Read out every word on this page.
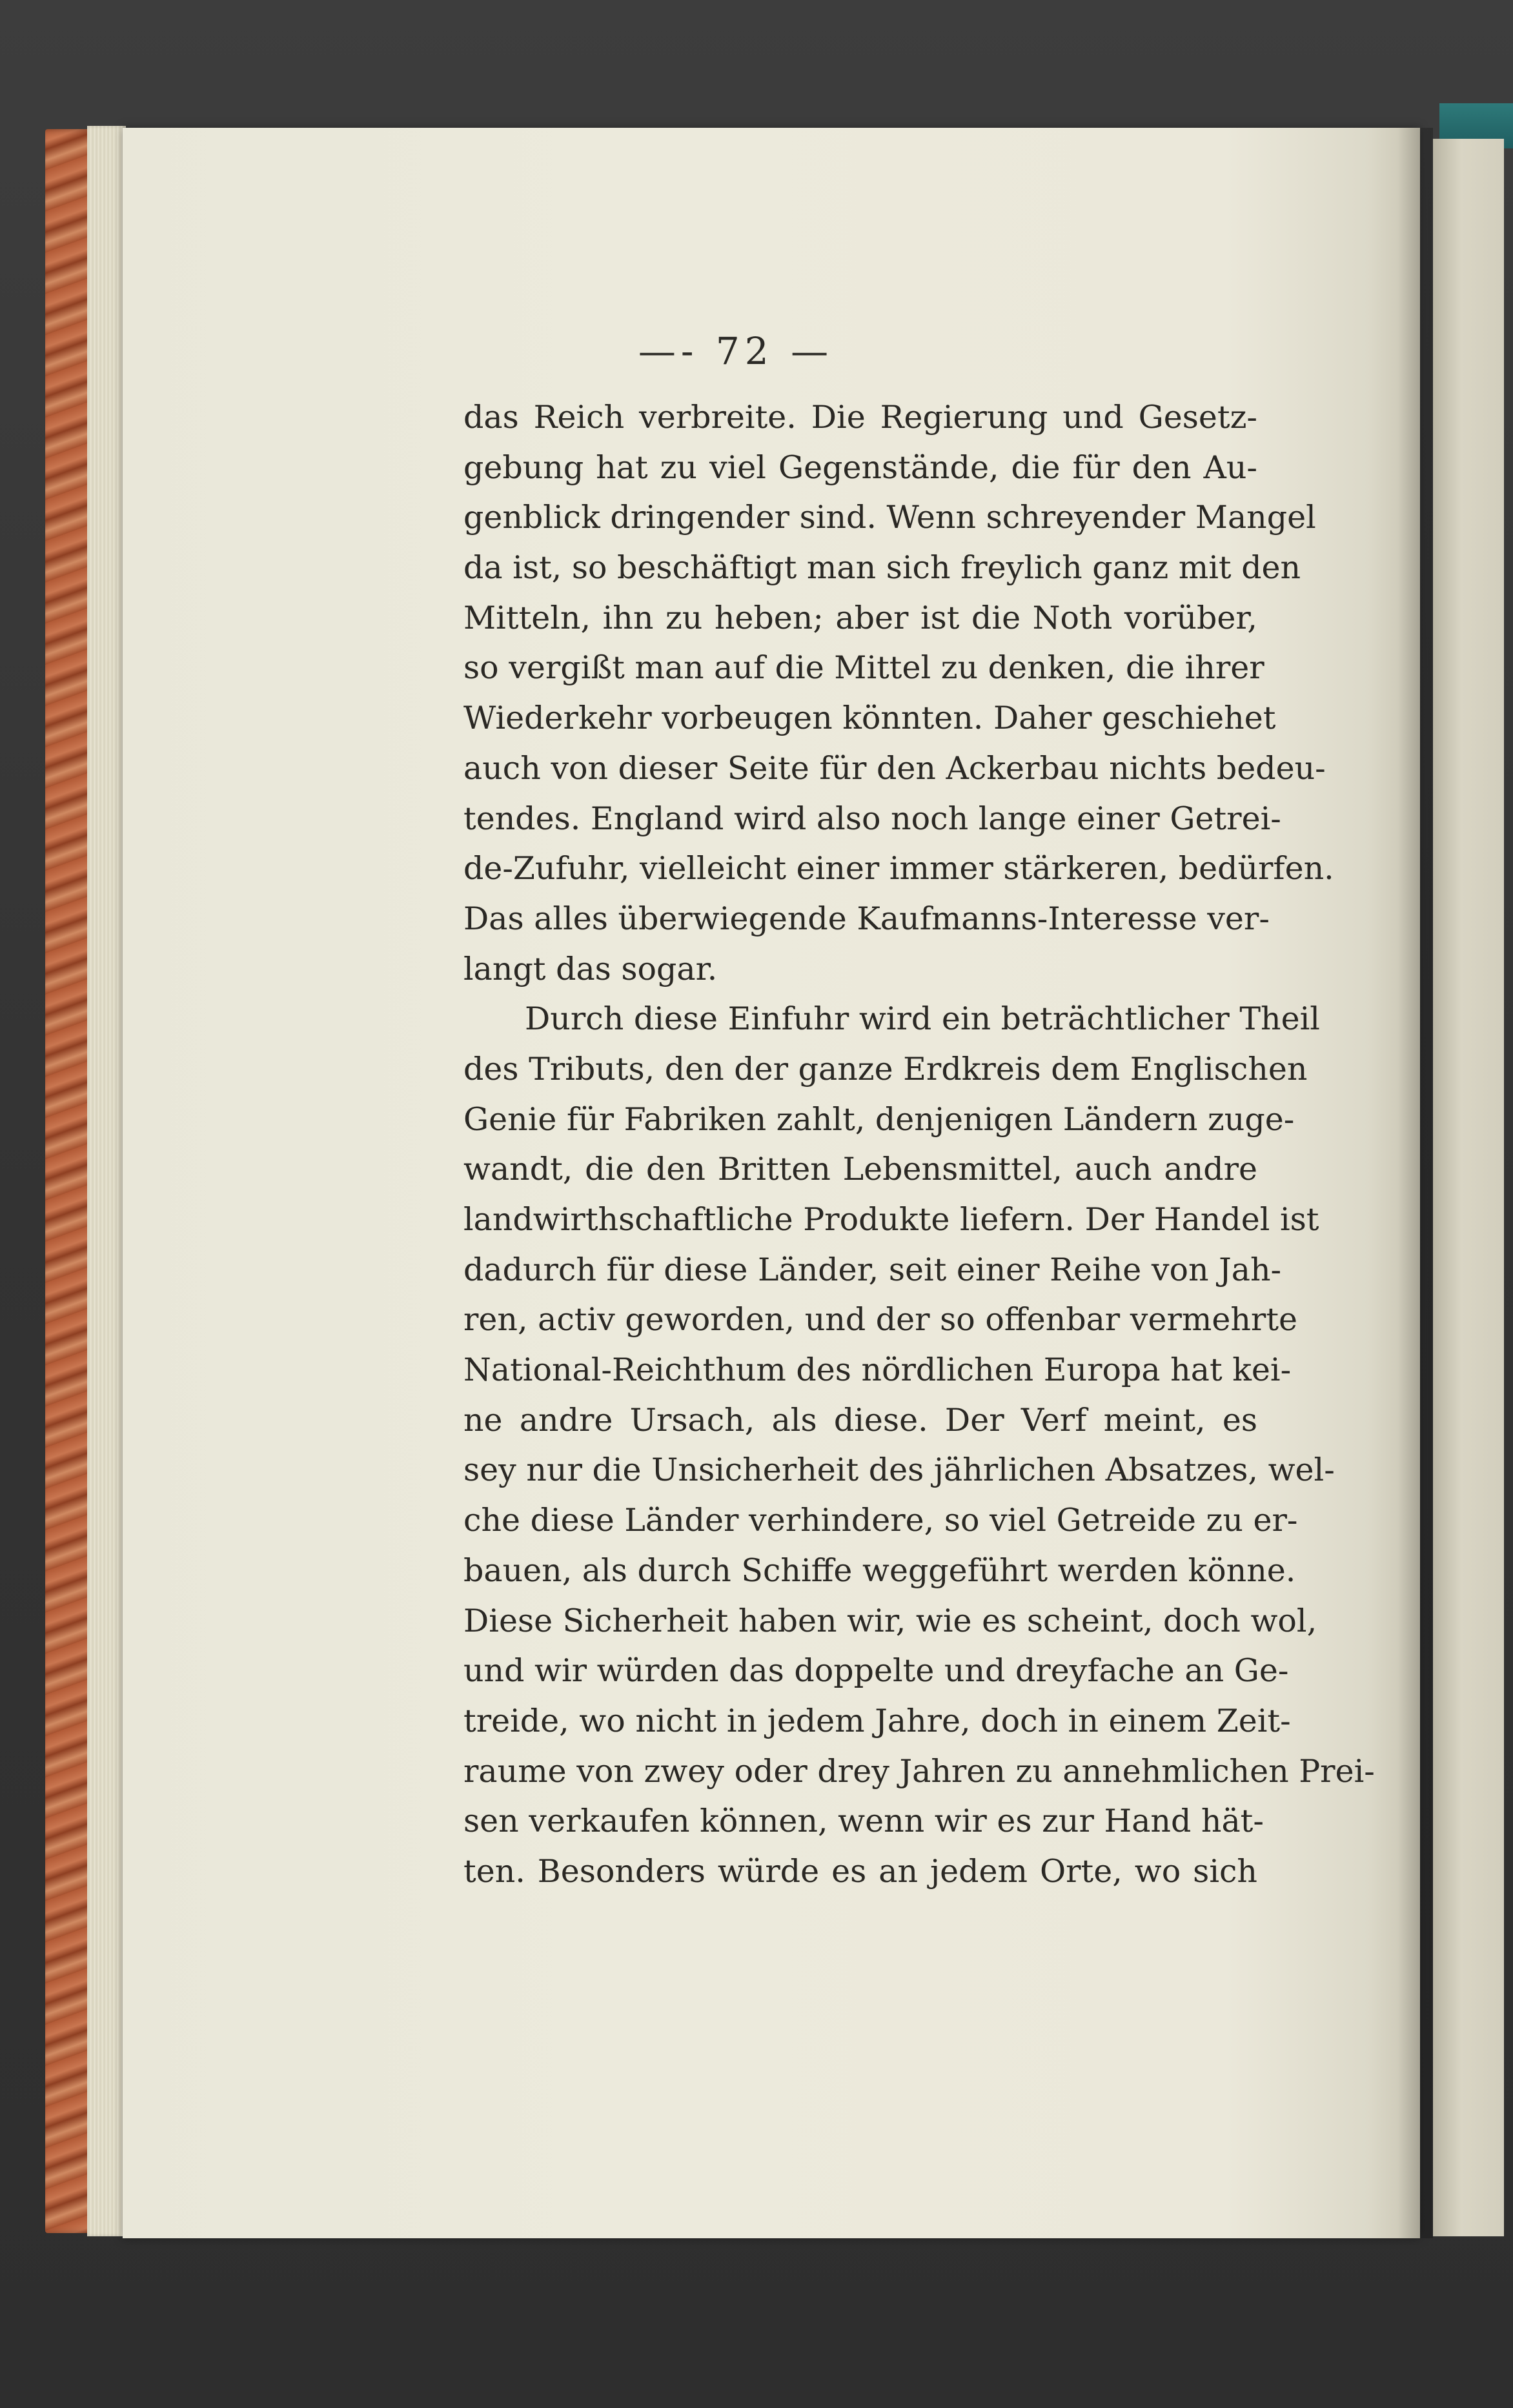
—- 72 —
das Reich verbreite. Die Regierung und Gesetz-
gebung hat zu viel Gegenstände, die für den Au-
genblick dringender sind. Wenn schreyender Mangel
da ist, so beschäftigt man sich freylich ganz mit den
Mitteln, ihn zu heben; aber ist die Noth vorüber,
so vergißt man auf die Mittel zu denken, die ihrer
Wiederkehr vorbeugen könnten. Daher geschiehet
auch von dieser Seite für den Ackerbau nichts bedeu-
tendes. England wird also noch lange einer Getrei-
de-Zufuhr, vielleicht einer immer stärkeren, bedürfen.
Das alles überwiegende Kaufmanns-Interesse ver-
langt das sogar.
Durch diese Einfuhr wird ein beträchtlicher Theil
des Tributs, den der ganze Erdkreis dem Englischen
Genie für Fabriken zahlt, denjenigen Ländern zuge-
wandt, die den Britten Lebensmittel, auch andre
landwirthschaftliche Produkte liefern. Der Handel ist
dadurch für diese Länder, seit einer Reihe von Jah-
ren, activ geworden, und der so offenbar vermehrte
National-Reichthum des nördlichen Europa hat kei-
ne andre Ursach, als diese. Der Verf meint, es
sey nur die Unsicherheit des jährlichen Absatzes, wel-
che diese Länder verhindere, so viel Getreide zu er-
bauen, als durch Schiffe weggeführt werden könne.
Diese Sicherheit haben wir, wie es scheint, doch wol,
und wir würden das doppelte und dreyfache an Ge-
treide, wo nicht in jedem Jahre, doch in einem Zeit-
raume von zwey oder drey Jahren zu annehmlichen Prei-
sen verkaufen können, wenn wir es zur Hand hät-
ten. Besonders würde es an jedem Orte, wo sich
